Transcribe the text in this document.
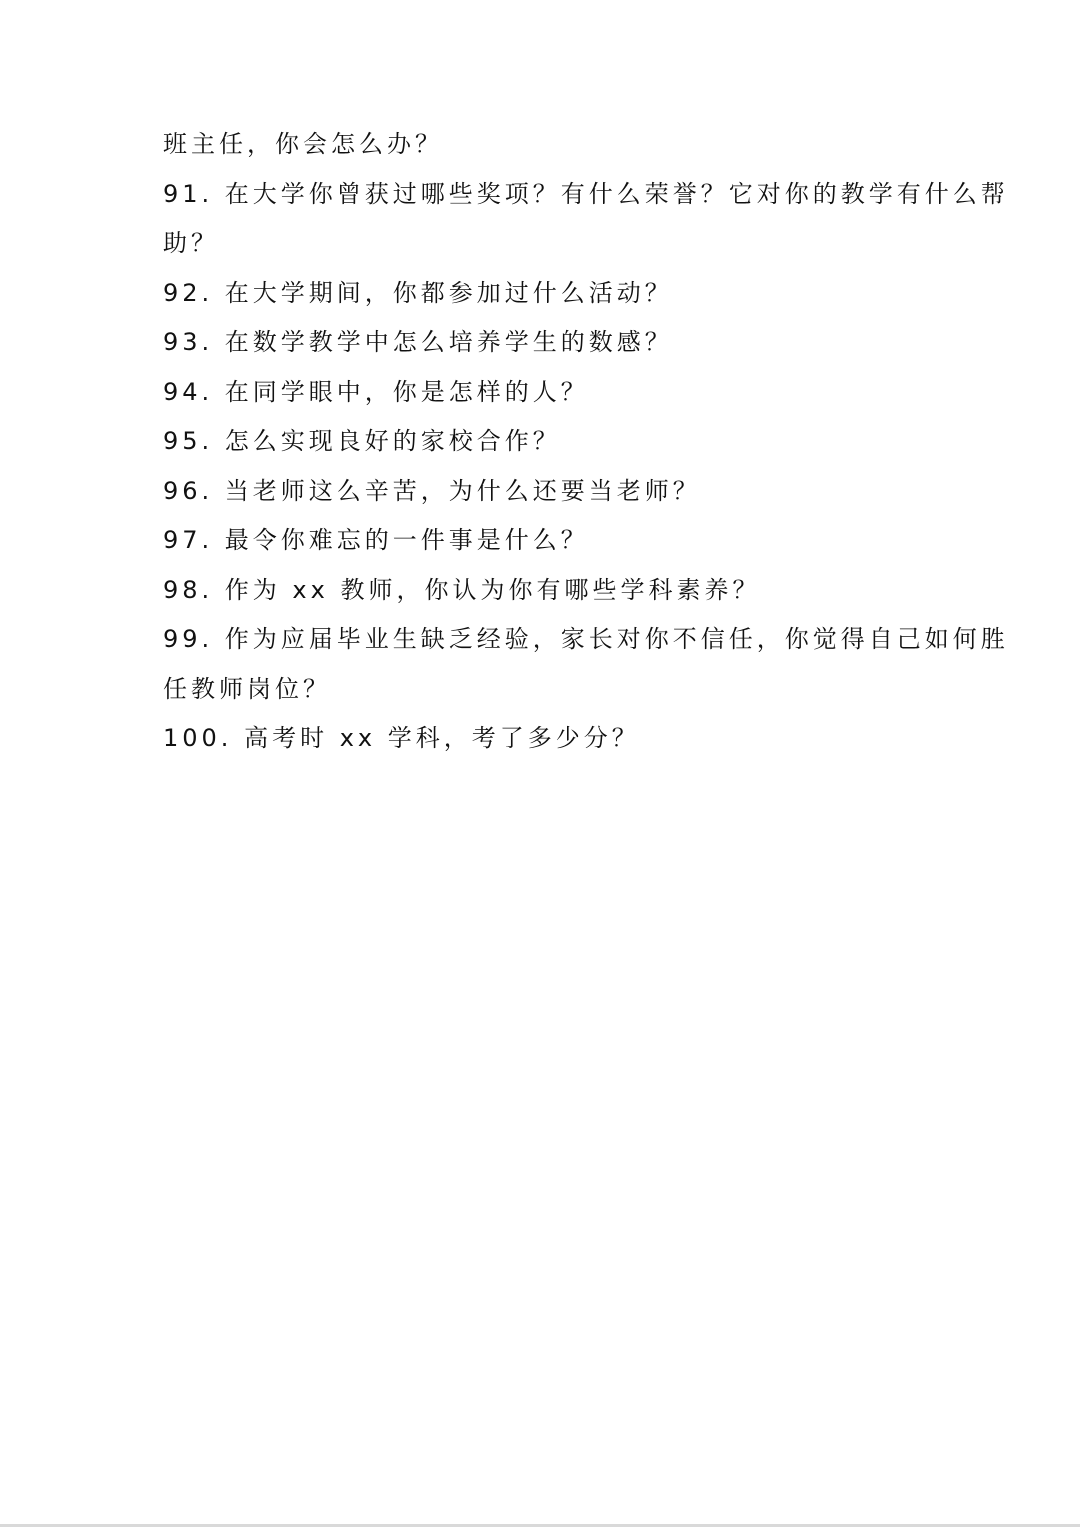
班主任，你会怎么办？
91. 在大学你曾获过哪些奖项？有什么荣誉？它对你的教学有什么帮
助？
92. 在大学期间，你都参加过什么活动？
93. 在数学教学中怎么培养学生的数感？
94. 在同学眼中，你是怎样的人？
95. 怎么实现良好的家校合作？
96. 当老师这么辛苦，为什么还要当老师？
97. 最令你难忘的一件事是什么？
98. 作为 xx 教师，你认为你有哪些学科素养？
99. 作为应届毕业生缺乏经验，家长对你不信任，你觉得自己如何胜
任教师岗位？
100. 高考时 xx 学科，考了多少分？
